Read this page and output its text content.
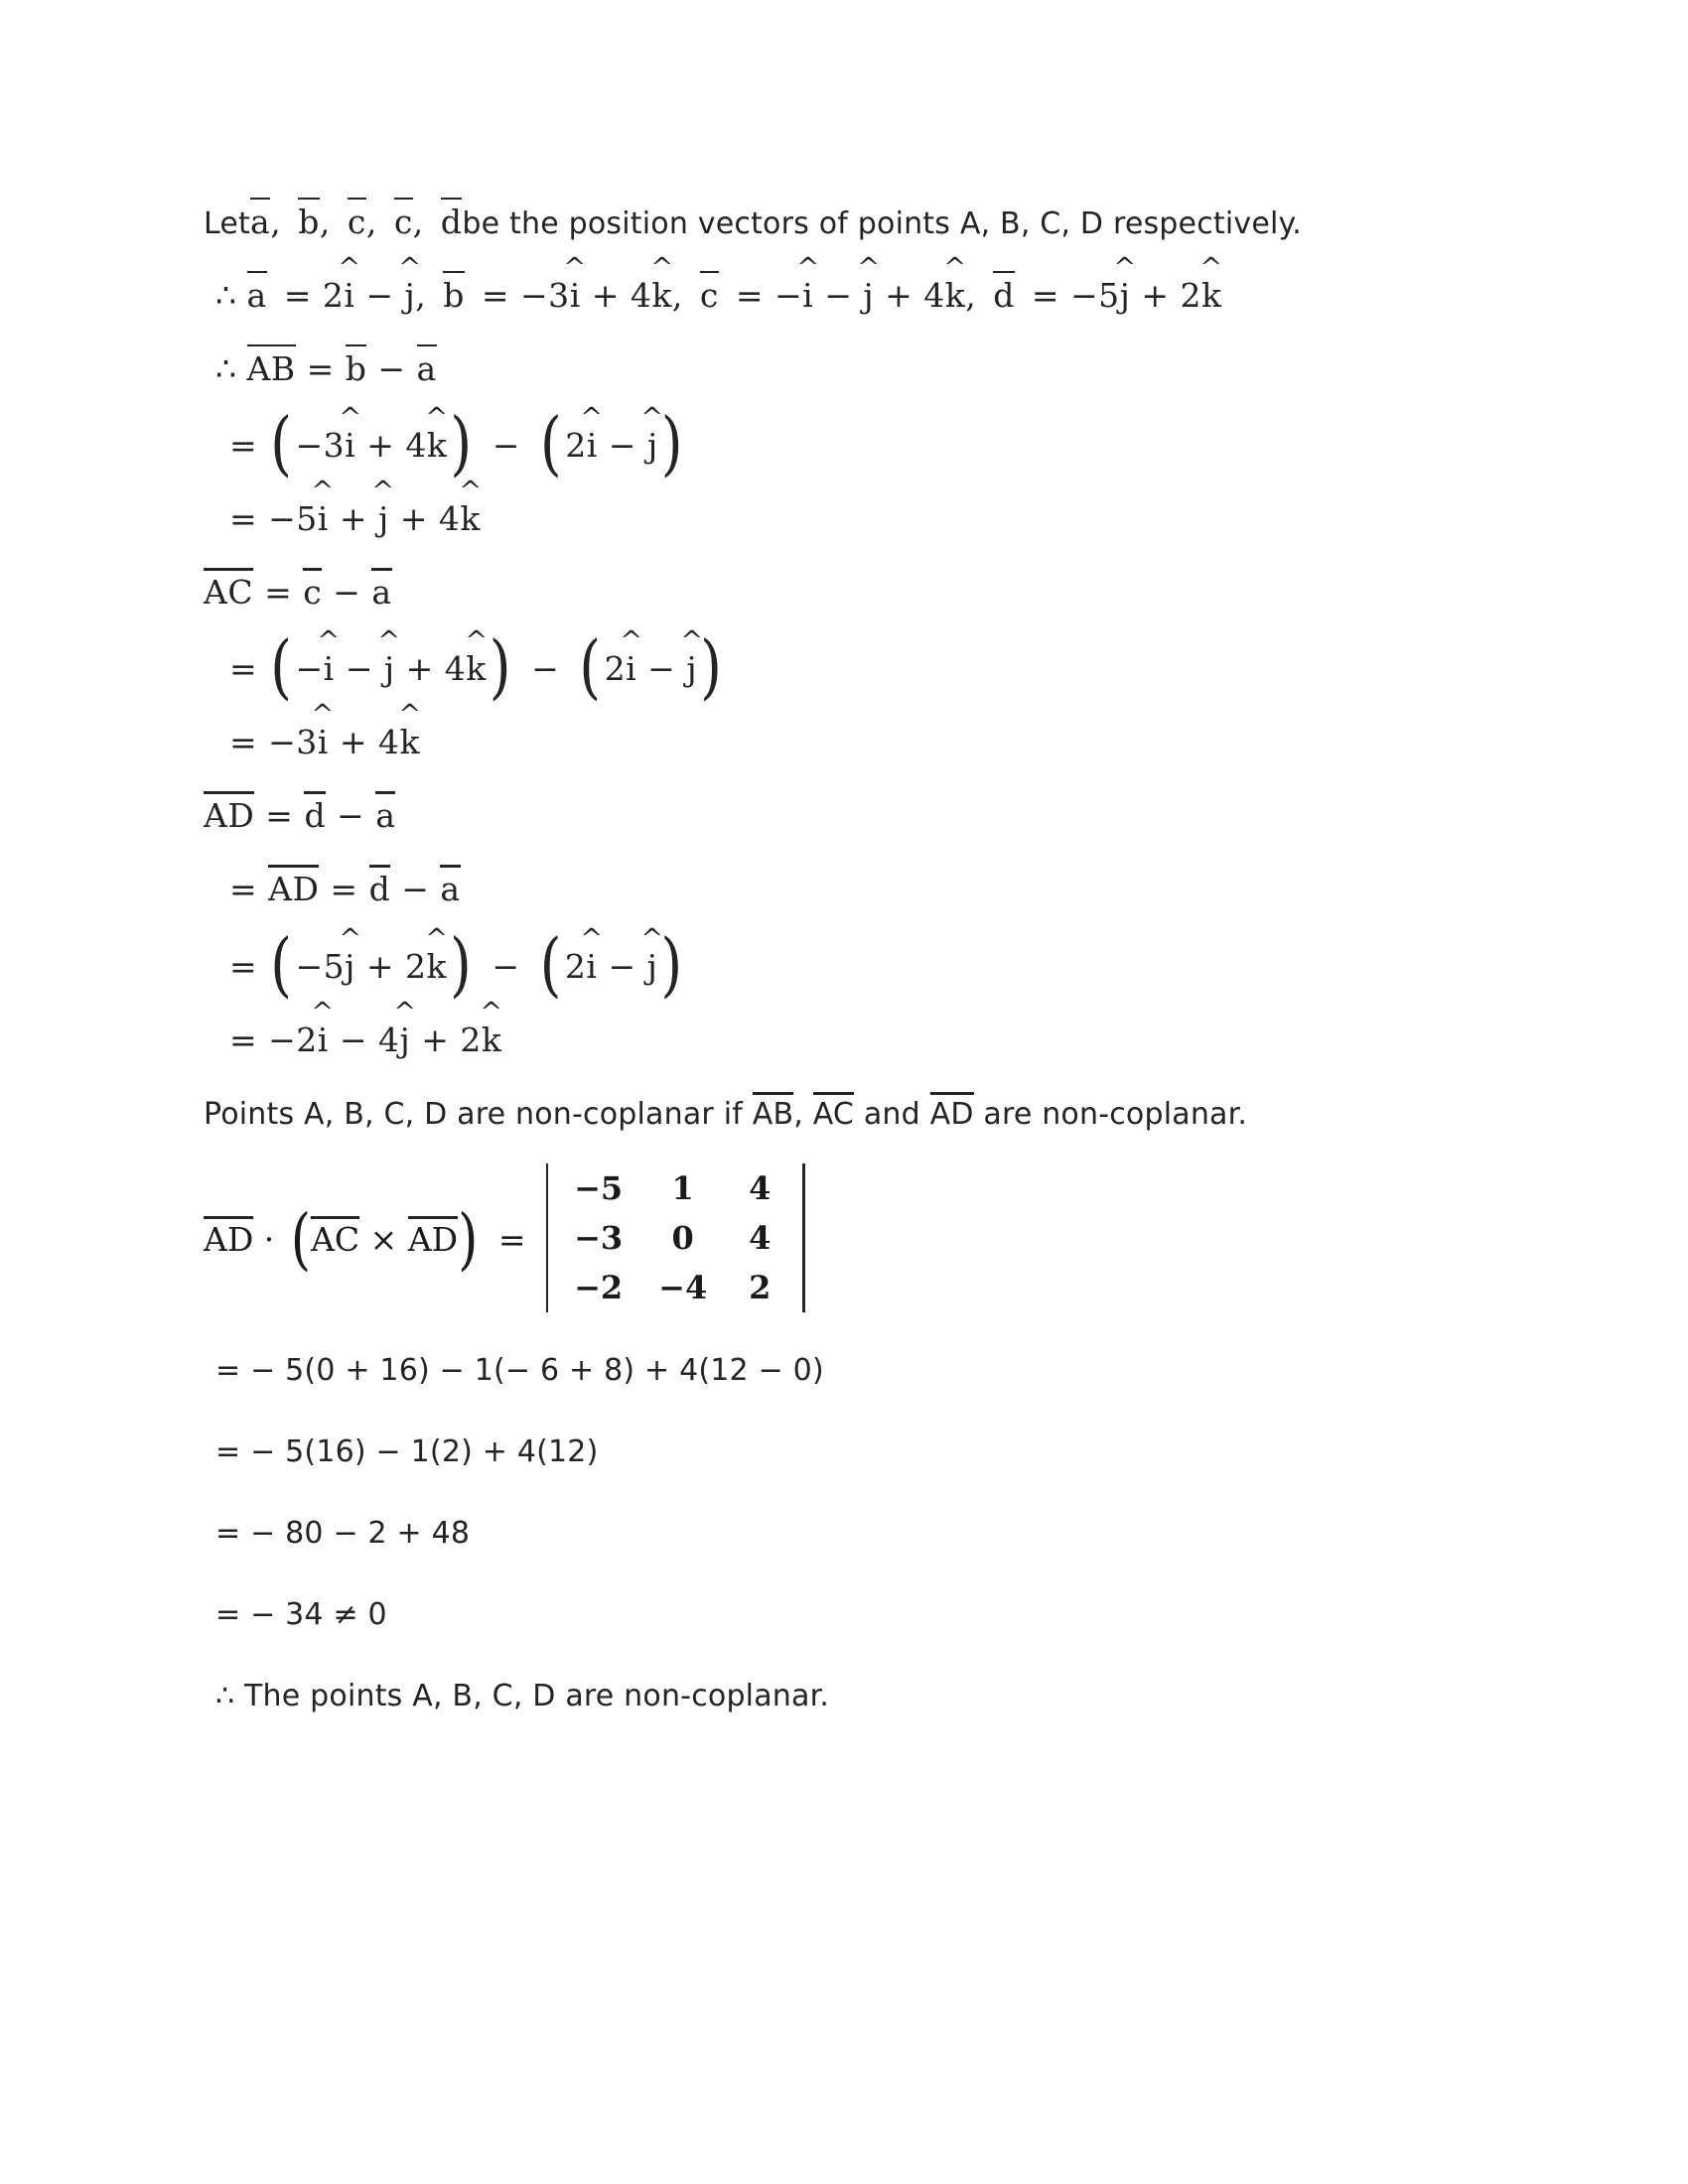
Let a, b, c, c, d be the position vectors of points A, B, C, D respectively.
∴ a = 2^ i − ^ j, b = −3^ i + 4^ k, c = −^ i − ^ j + 4^ k, d = −5^ j + 2^ k
∴ AB = b − a
= (−3^ i + 4^ k) − (2^ i − ^ j)
= −5^ i + ^ j + 4^ k
AC = c − a
= (−^ i − ^ j + 4^ k) − (2^ i − ^ j)
= −3^ i + 4^ k
AD = d − a
= AD = d − a
= (−5^ j + 2^ k) − (2^ i − ^ j)
= −2^ i − 4^ j + 2^ k
Points A, B, C, D are non-coplanar if AB, AC and AD are non-coplanar.
AD · (AC × AD) =
−5	1	4
−3	0	4
−2	−4	2
= − 5(0 + 16) − 1(− 6 + 8) + 4(12 − 0)
= − 5(16) − 1(2) + 4(12)
= − 80 − 2 + 48
= − 34 ≠ 0
∴ The points A, B, C, D are non-coplanar.
